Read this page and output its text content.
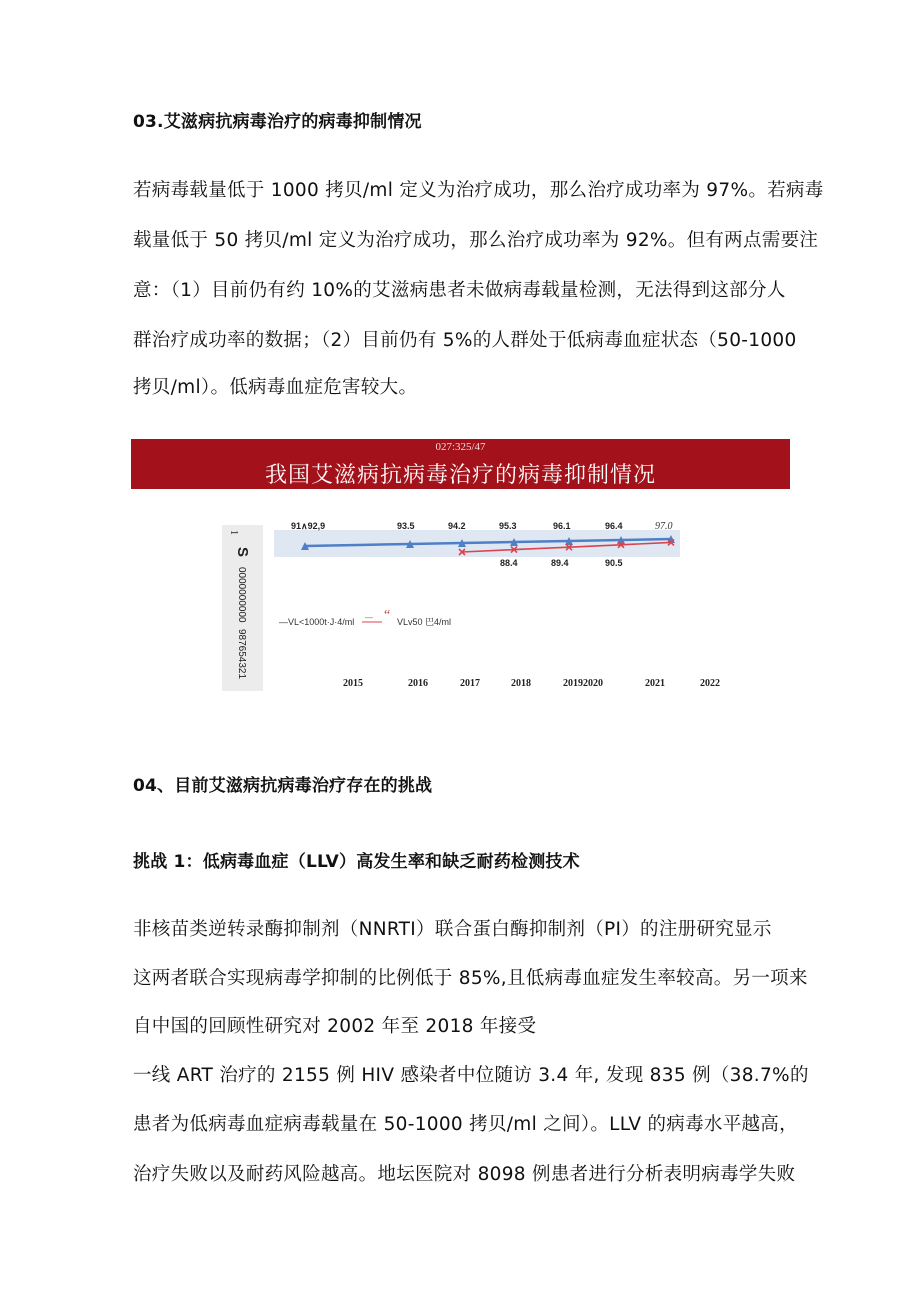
03.艾滋病抗病毒治疗的病毒抑制情况
若病毒载量低于 1000 拷贝/ml 定义为治疗成功，那么治疗成功率为 97%。若病毒
载量低于 50 拷贝/ml 定义为治疗成功，那么治疗成功率为 92%。但有两点需要注
意：（1）目前仍有约 10%的艾滋病患者未做病毒载量检测，无法得到这部分人
群治疗成功率的数据；（2）目前仍有 5%的人群处于低病毒血症状态（50-1000
拷贝/ml）。低病毒血症危害较大。
027:325/47
我国艾滋病抗病毒治疗的病毒抑制情况
1
S
0000000000
987654321
91∧92,9	93.5	94.2	95.3	96.1	96.4	97.0
88.4	89.4	90.5
—VL<1000t·J·4/ml — “ VLv50 巴4/ml
2015	2016	2017	2018	20192020	2021	2022
04、目前艾滋病抗病毒治疗存在的挑战
挑战 1：低病毒血症（LLV）高发生率和缺乏耐药检测技术
非核苗类逆转录酶抑制剂（NNRTI）联合蛋白酶抑制剂（PI）的注册研究显示
这两者联合实现病毒学抑制的比例低于 85%,且低病毒血症发生率较高。另一项来
自中国的回顾性研究对 2002 年至 2018 年接受
一线 ART 治疗的 2155 例 HIV 感染者中位随访 3.4 年, 发现 835 例（38.7%的
患者为低病毒血症病毒载量在 50-1000 拷贝/ml 之间）。LLV 的病毒水平越高，
治疗失败以及耐药风险越高。地坛医院对 8098 例患者进行分析表明病毒学失败
